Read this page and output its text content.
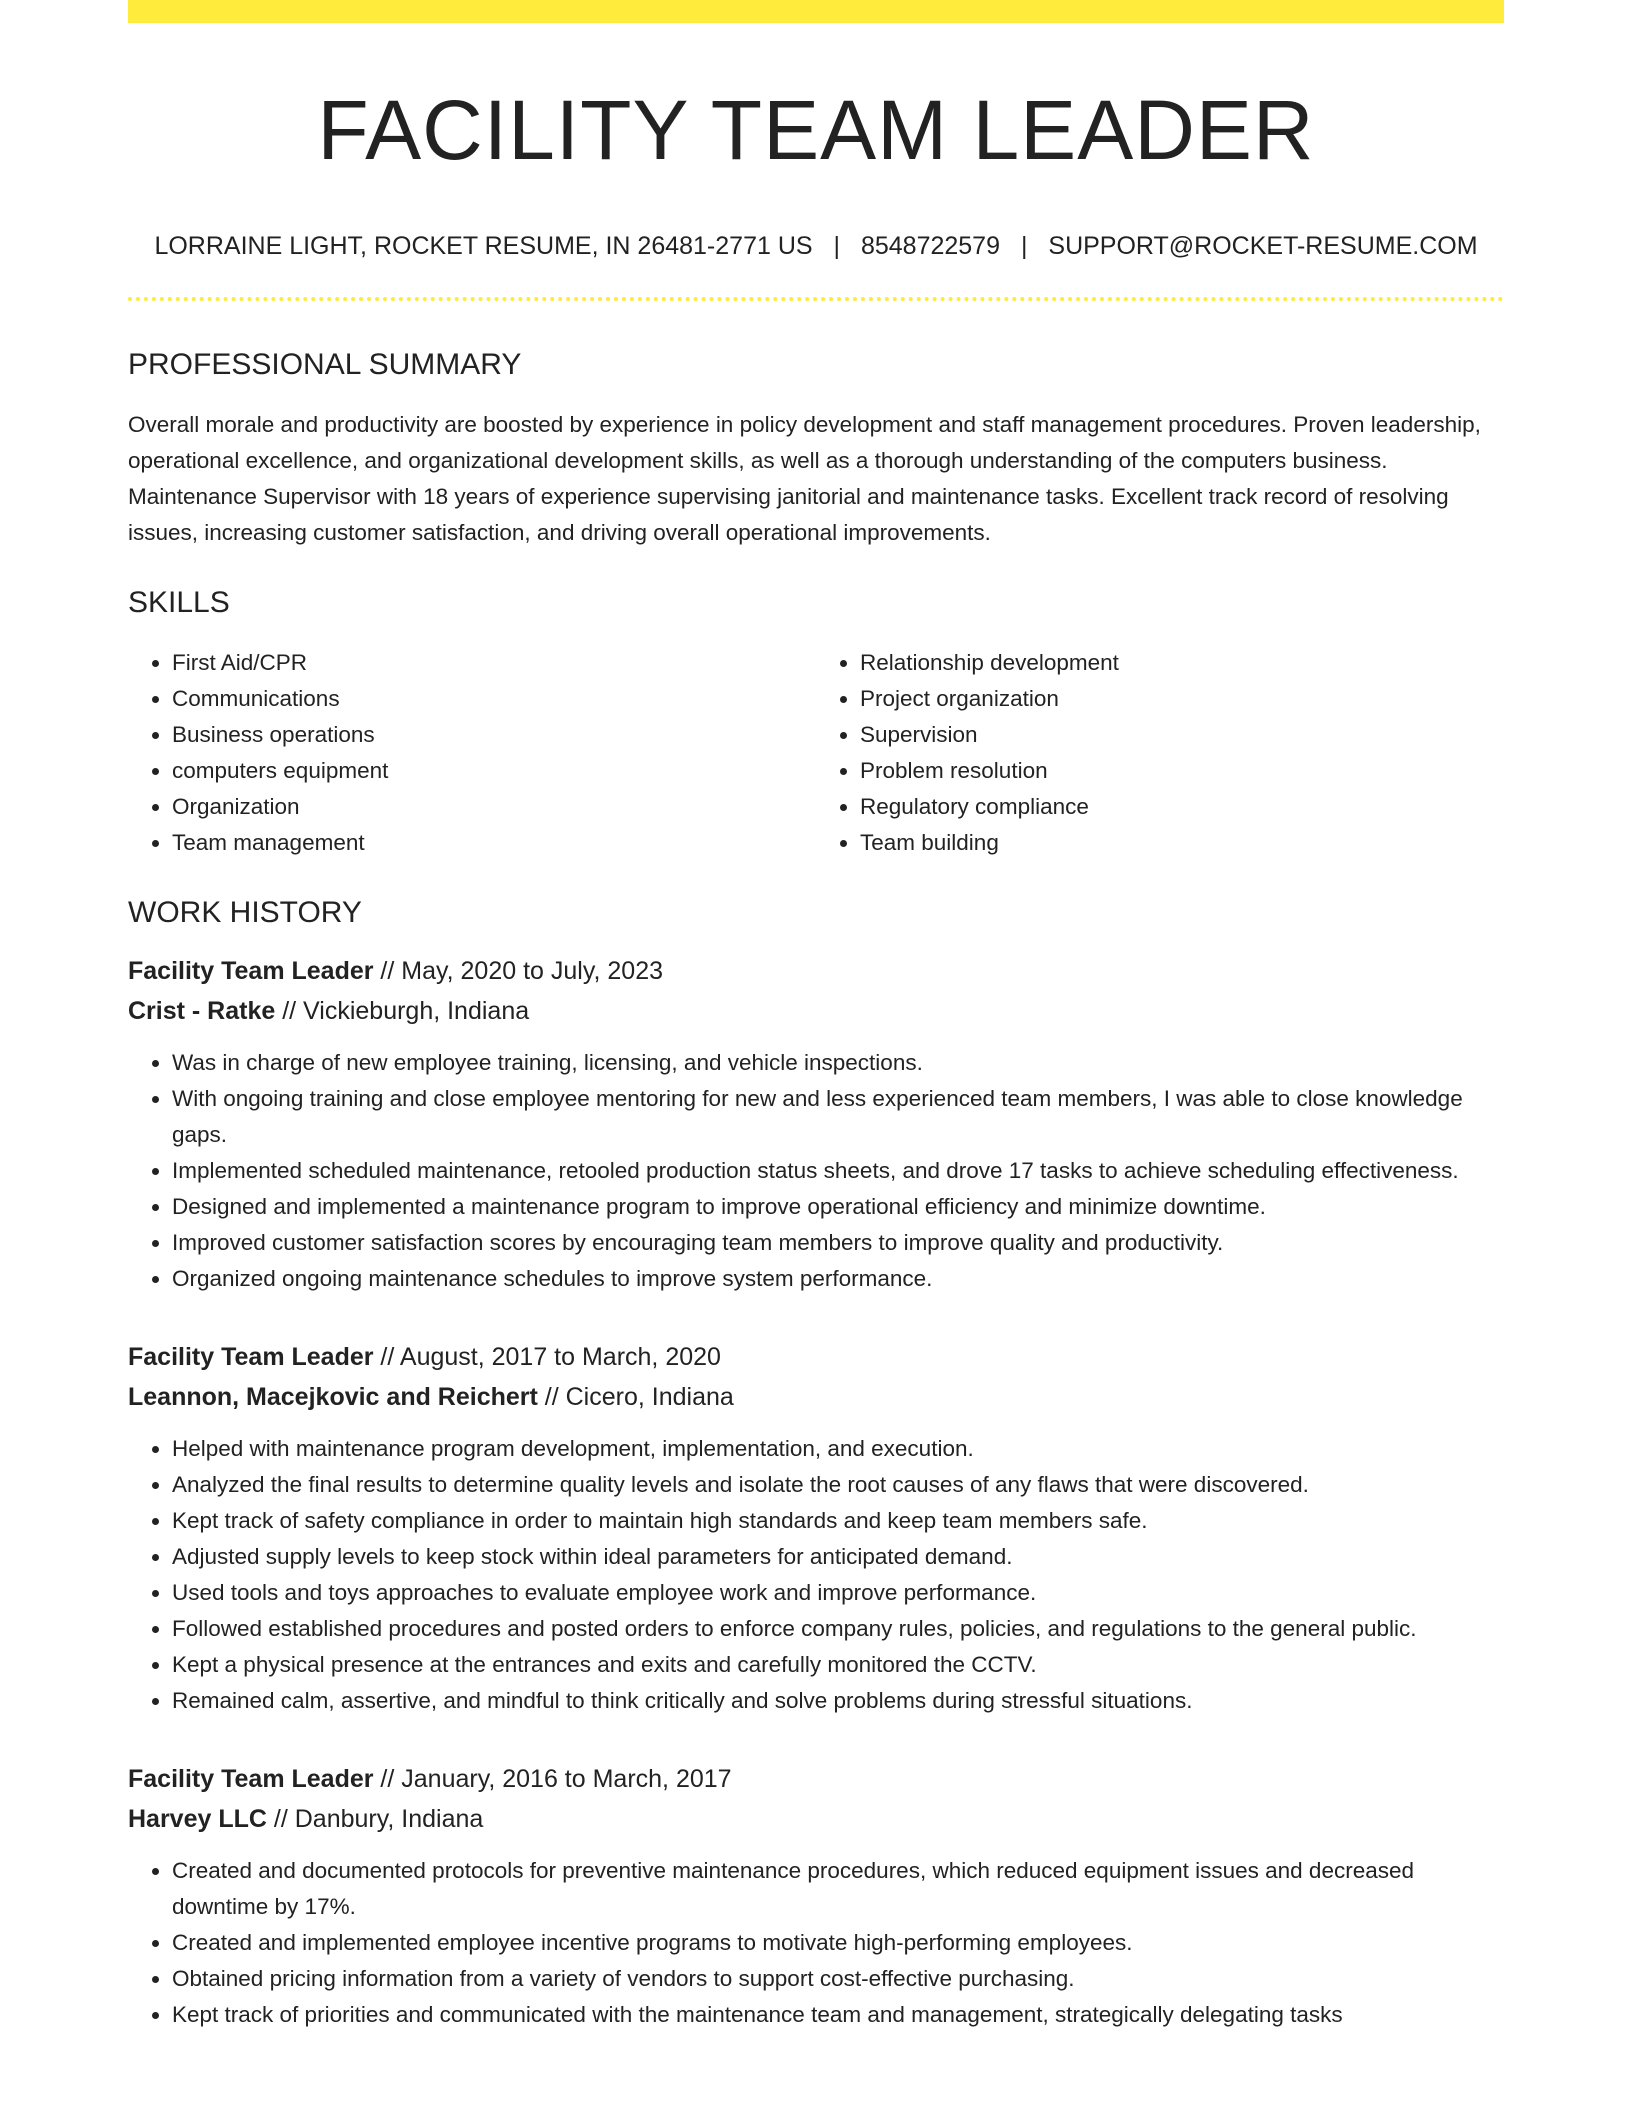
FACILITY TEAM LEADER
LORRAINE LIGHT, ROCKET RESUME, IN 26481-2771 US | 8548722579 | SUPPORT@ROCKET-RESUME.COM
PROFESSIONAL SUMMARY

Overall morale and productivity are boosted by experience in policy development and staff management procedures. Proven leadership, operational excellence, and organizational development skills, as well as a thorough understanding of the computers business. Maintenance Supervisor with 18 years of experience supervising janitorial and maintenance tasks. Excellent track record of resolving issues, increasing customer satisfaction, and driving overall operational improvements.

SKILLS
• First Aid/CPR
• Communications
• Business operations
• computers equipment
• Organization
• Team management
• Relationship development
• Project organization
• Supervision
• Problem resolution
• Regulatory compliance
• Team building
WORK HISTORY
Facility Team Leader // May, 2020 to July, 2023
Crist - Ratke // Vickieburgh, Indiana
• Was in charge of new employee training, licensing, and vehicle inspections.
• With ongoing training and close employee mentoring for new and less experienced team members, I was able to close knowledge gaps.
• Implemented scheduled maintenance, retooled production status sheets, and drove 17 tasks to achieve scheduling effectiveness.
• Designed and implemented a maintenance program to improve operational efficiency and minimize downtime.
• Improved customer satisfaction scores by encouraging team members to improve quality and productivity.
• Organized ongoing maintenance schedules to improve system performance.
Facility Team Leader // August, 2017 to March, 2020
Leannon, Macejkovic and Reichert // Cicero, Indiana
• Helped with maintenance program development, implementation, and execution.
• Analyzed the final results to determine quality levels and isolate the root causes of any flaws that were discovered.
• Kept track of safety compliance in order to maintain high standards and keep team members safe.
• Adjusted supply levels to keep stock within ideal parameters for anticipated demand.
• Used tools and toys approaches to evaluate employee work and improve performance.
• Followed established procedures and posted orders to enforce company rules, policies, and regulations to the general public.
• Kept a physical presence at the entrances and exits and carefully monitored the CCTV.
• Remained calm, assertive, and mindful to think critically and solve problems during stressful situations.
Facility Team Leader // January, 2016 to March, 2017
Harvey LLC // Danbury, Indiana
• Created and documented protocols for preventive maintenance procedures, which reduced equipment issues and decreased downtime by 17%.
• Created and implemented employee incentive programs to motivate high-performing employees.
• Obtained pricing information from a variety of vendors to support cost-effective purchasing.
• Kept track of priorities and communicated with the maintenance team and management, strategically delegating tasks
